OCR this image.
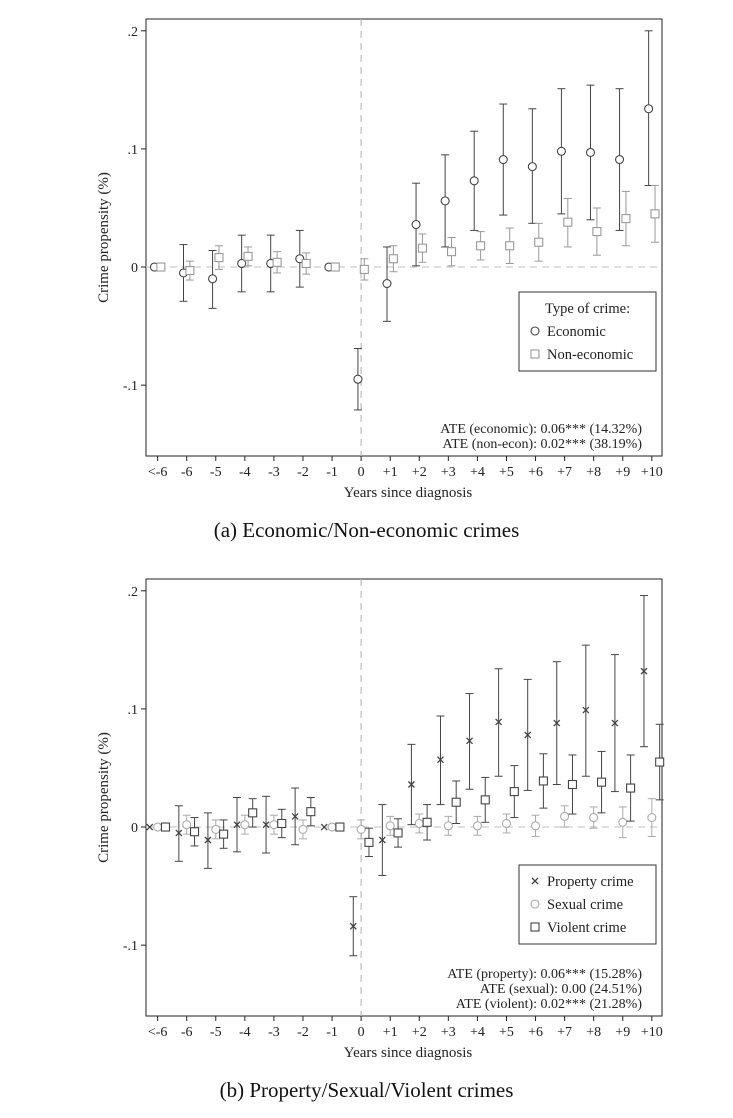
.2
.1
0
-.1
<-6 -6 -5 -4 -3 -2 -1 0 +1 +2 +3 +4 +5 +6 +7 +8 +9 +10
Years since diagnosis
Crime propensity (%)
Type of crime:
Economic
Non-economic
ATE (economic): 0.06*** (14.32%)
ATE (non-econ): 0.02*** (38.19%)
(a) Economic/Non-economic crimes
.2
.1
0
-.1
<-6 -6 -5 -4 -3 -2 -1 0 +1 +2 +3 +4 +5 +6 +7 +8 +9 +10
Years since diagnosis
Crime propensity (%)
Property crime
Sexual crime
Violent crime
ATE (property): 0.06*** (15.28%)
ATE (sexual): 0.00 (24.51%)
ATE (violent): 0.02*** (21.28%)
(b) Property/Sexual/Violent crimes
